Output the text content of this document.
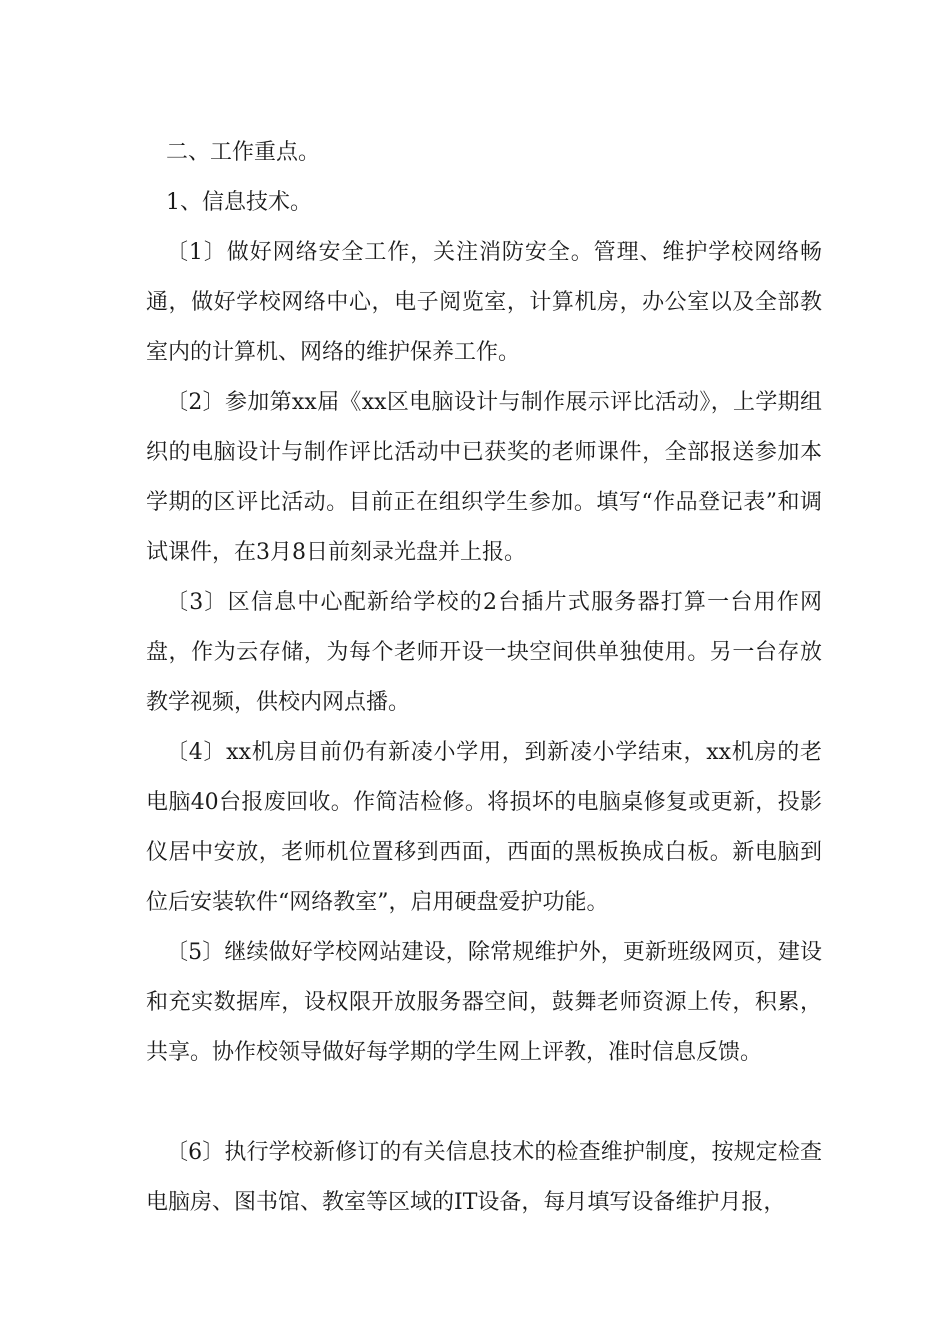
二、工作重点。

1、信息技术。

〔1〕做好网络安全工作，关注消防安全。管理、维护学校网络畅通，做好学校网络中心，电子阅览室，计算机房，办公室以及全部教室内的计算机、网络的维护保养工作。

〔2〕参加第xx届《xx区电脑设计与制作展示评比活动》，上学期组织的电脑设计与制作评比活动中已获奖的老师课件，全部报送参加本学期的区评比活动。目前正在组织学生参加。填写“作品登记表”和调试课件，在3月8日前刻录光盘并上报。

〔3〕区信息中心配新给学校的2台插片式服务器打算一台用作网盘，作为云存储，为每个老师开设一块空间供单独使用。另一台存放教学视频，供校内网点播。

〔4〕xx机房目前仍有新凌小学用，到新凌小学结束，xx机房的老电脑40台报废回收。作简洁检修。将损坏的电脑桌修复或更新，投影仪居中安放，老师机位置移到西面，西面的黑板换成白板。新电脑到位后安装软件“网络教室”，启用硬盘爱护功能。

〔5〕继续做好学校网站建设，除常规维护外，更新班级网页，建设和充实数据库，设权限开放服务器空间，鼓舞老师资源上传，积累，共享。协作校领导做好每学期的学生网上评教，准时信息反馈。

〔6〕执行学校新修订的有关信息技术的检查维护制度，按规定检查电脑房、图书馆、教室等区域的IT设备，每月填写设备维护月报，
